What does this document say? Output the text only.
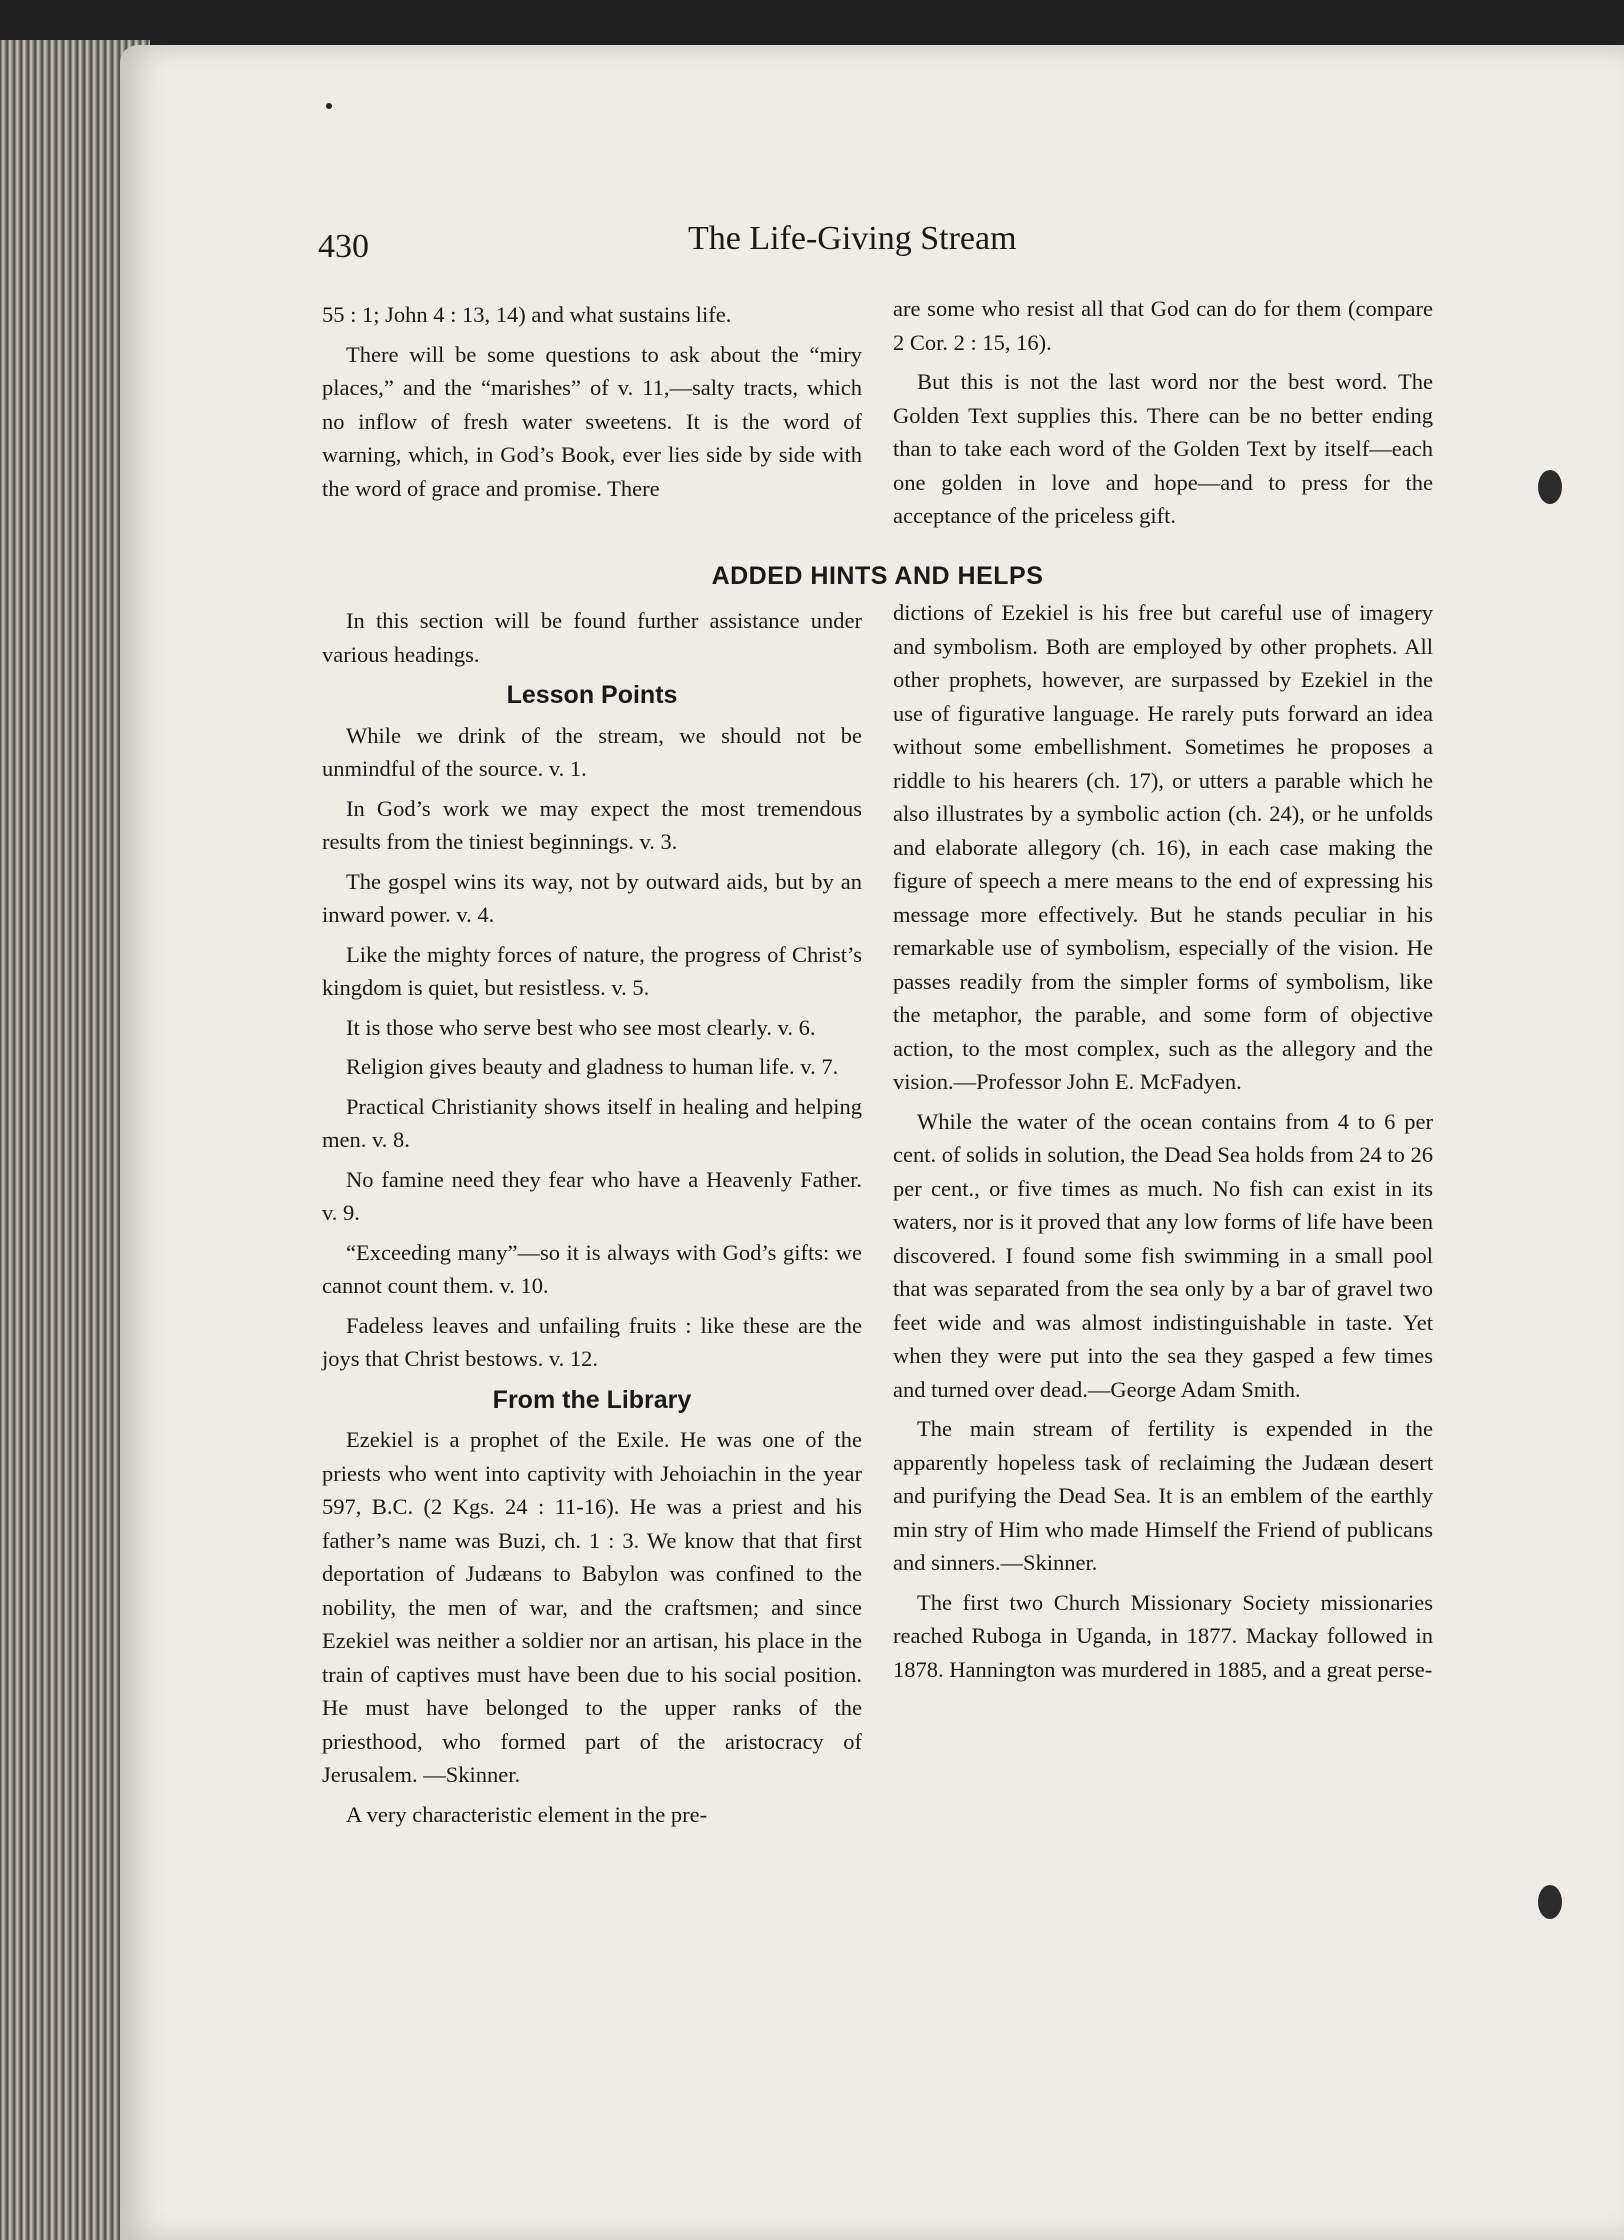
430	The Life-Giving Stream

55 : 1; John 4 : 13, 14) and what sustains life.

There will be some questions to ask about the “miry places,” and the “marishes” of v. 11,—salty tracts, which no inflow of fresh water sweetens. It is the word of warning, which, in God’s Book, ever lies side by side with the word of grace and promise. There

are some who resist all that God can do for them (compare 2 Cor. 2 : 15, 16).

But this is not the last word nor the best word. The Golden Text supplies this. There can be no better ending than to take each word of the Golden Text by itself—each one golden in love and hope—and to press for the acceptance of the priceless gift.

ADDED HINTS AND HELPS

In this section will be found further assistance under various headings.

Lesson Points

While we drink of the stream, we should not be unmindful of the source. v. 1.

In God’s work we may expect the most tremendous results from the tiniest beginnings. v. 3.

The gospel wins its way, not by outward aids, but by an inward power. v. 4.

Like the mighty forces of nature, the progress of Christ’s kingdom is quiet, but resistless. v. 5.

It is those who serve best who see most clearly. v. 6.

Religion gives beauty and gladness to human life. v. 7.

Practical Christianity shows itself in healing and helping men. v. 8.

No famine need they fear who have a Heavenly Father. v. 9.

“Exceeding many”—so it is always with God’s gifts: we cannot count them. v. 10.

Fadeless leaves and unfailing fruits : like these are the joys that Christ bestows. v. 12.

From the Library

Ezekiel is a prophet of the Exile. He was one of the priests who went into captivity with Jehoiachin in the year 597, B.C. (2 Kgs. 24 : 11-16). He was a priest and his father’s name was Buzi, ch. 1 : 3. We know that that first deportation of Judæans to Babylon was confined to the nobility, the men of war, and the craftsmen; and since Ezekiel was neither a soldier nor an artisan, his place in the train of captives must have been due to his social position. He must have belonged to the upper ranks of the priesthood, who formed part of the aristocracy of Jerusalem. —Skinner.

A very characteristic element in the pre-

dictions of Ezekiel is his free but careful use of imagery and symbolism. Both are employed by other prophets. All other prophets, however, are surpassed by Ezekiel in the use of figurative language. He rarely puts forward an idea without some embellishment. Sometimes he proposes a riddle to his hearers (ch. 17), or utters a parable which he also illustrates by a symbolic action (ch. 24), or he unfolds and elaborate allegory (ch. 16), in each case making the figure of speech a mere means to the end of expressing his message more effectively. But he stands peculiar in his remarkable use of symbolism, especially of the vision. He passes readily from the simpler forms of symbolism, like the metaphor, the parable, and some form of objective action, to the most complex, such as the allegory and the vision.—Professor John E. McFadyen.

While the water of the ocean contains from 4 to 6 per cent. of solids in solution, the Dead Sea holds from 24 to 26 per cent., or five times as much. No fish can exist in its waters, nor is it proved that any low forms of life have been discovered. I found some fish swimming in a small pool that was separated from the sea only by a bar of gravel two feet wide and was almost indistinguishable in taste. Yet when they were put into the sea they gasped a few times and turned over dead.—George Adam Smith.

The main stream of fertility is expended in the apparently hopeless task of reclaiming the Judæan desert and purifying the Dead Sea. It is an emblem of the earthly min stry of Him who made Himself the Friend of publicans and sinners.—Skinner.

The first two Church Missionary Society missionaries reached Ruboga in Uganda, in 1877. Mackay followed in 1878. Hannington was murdered in 1885, and a great perse-
